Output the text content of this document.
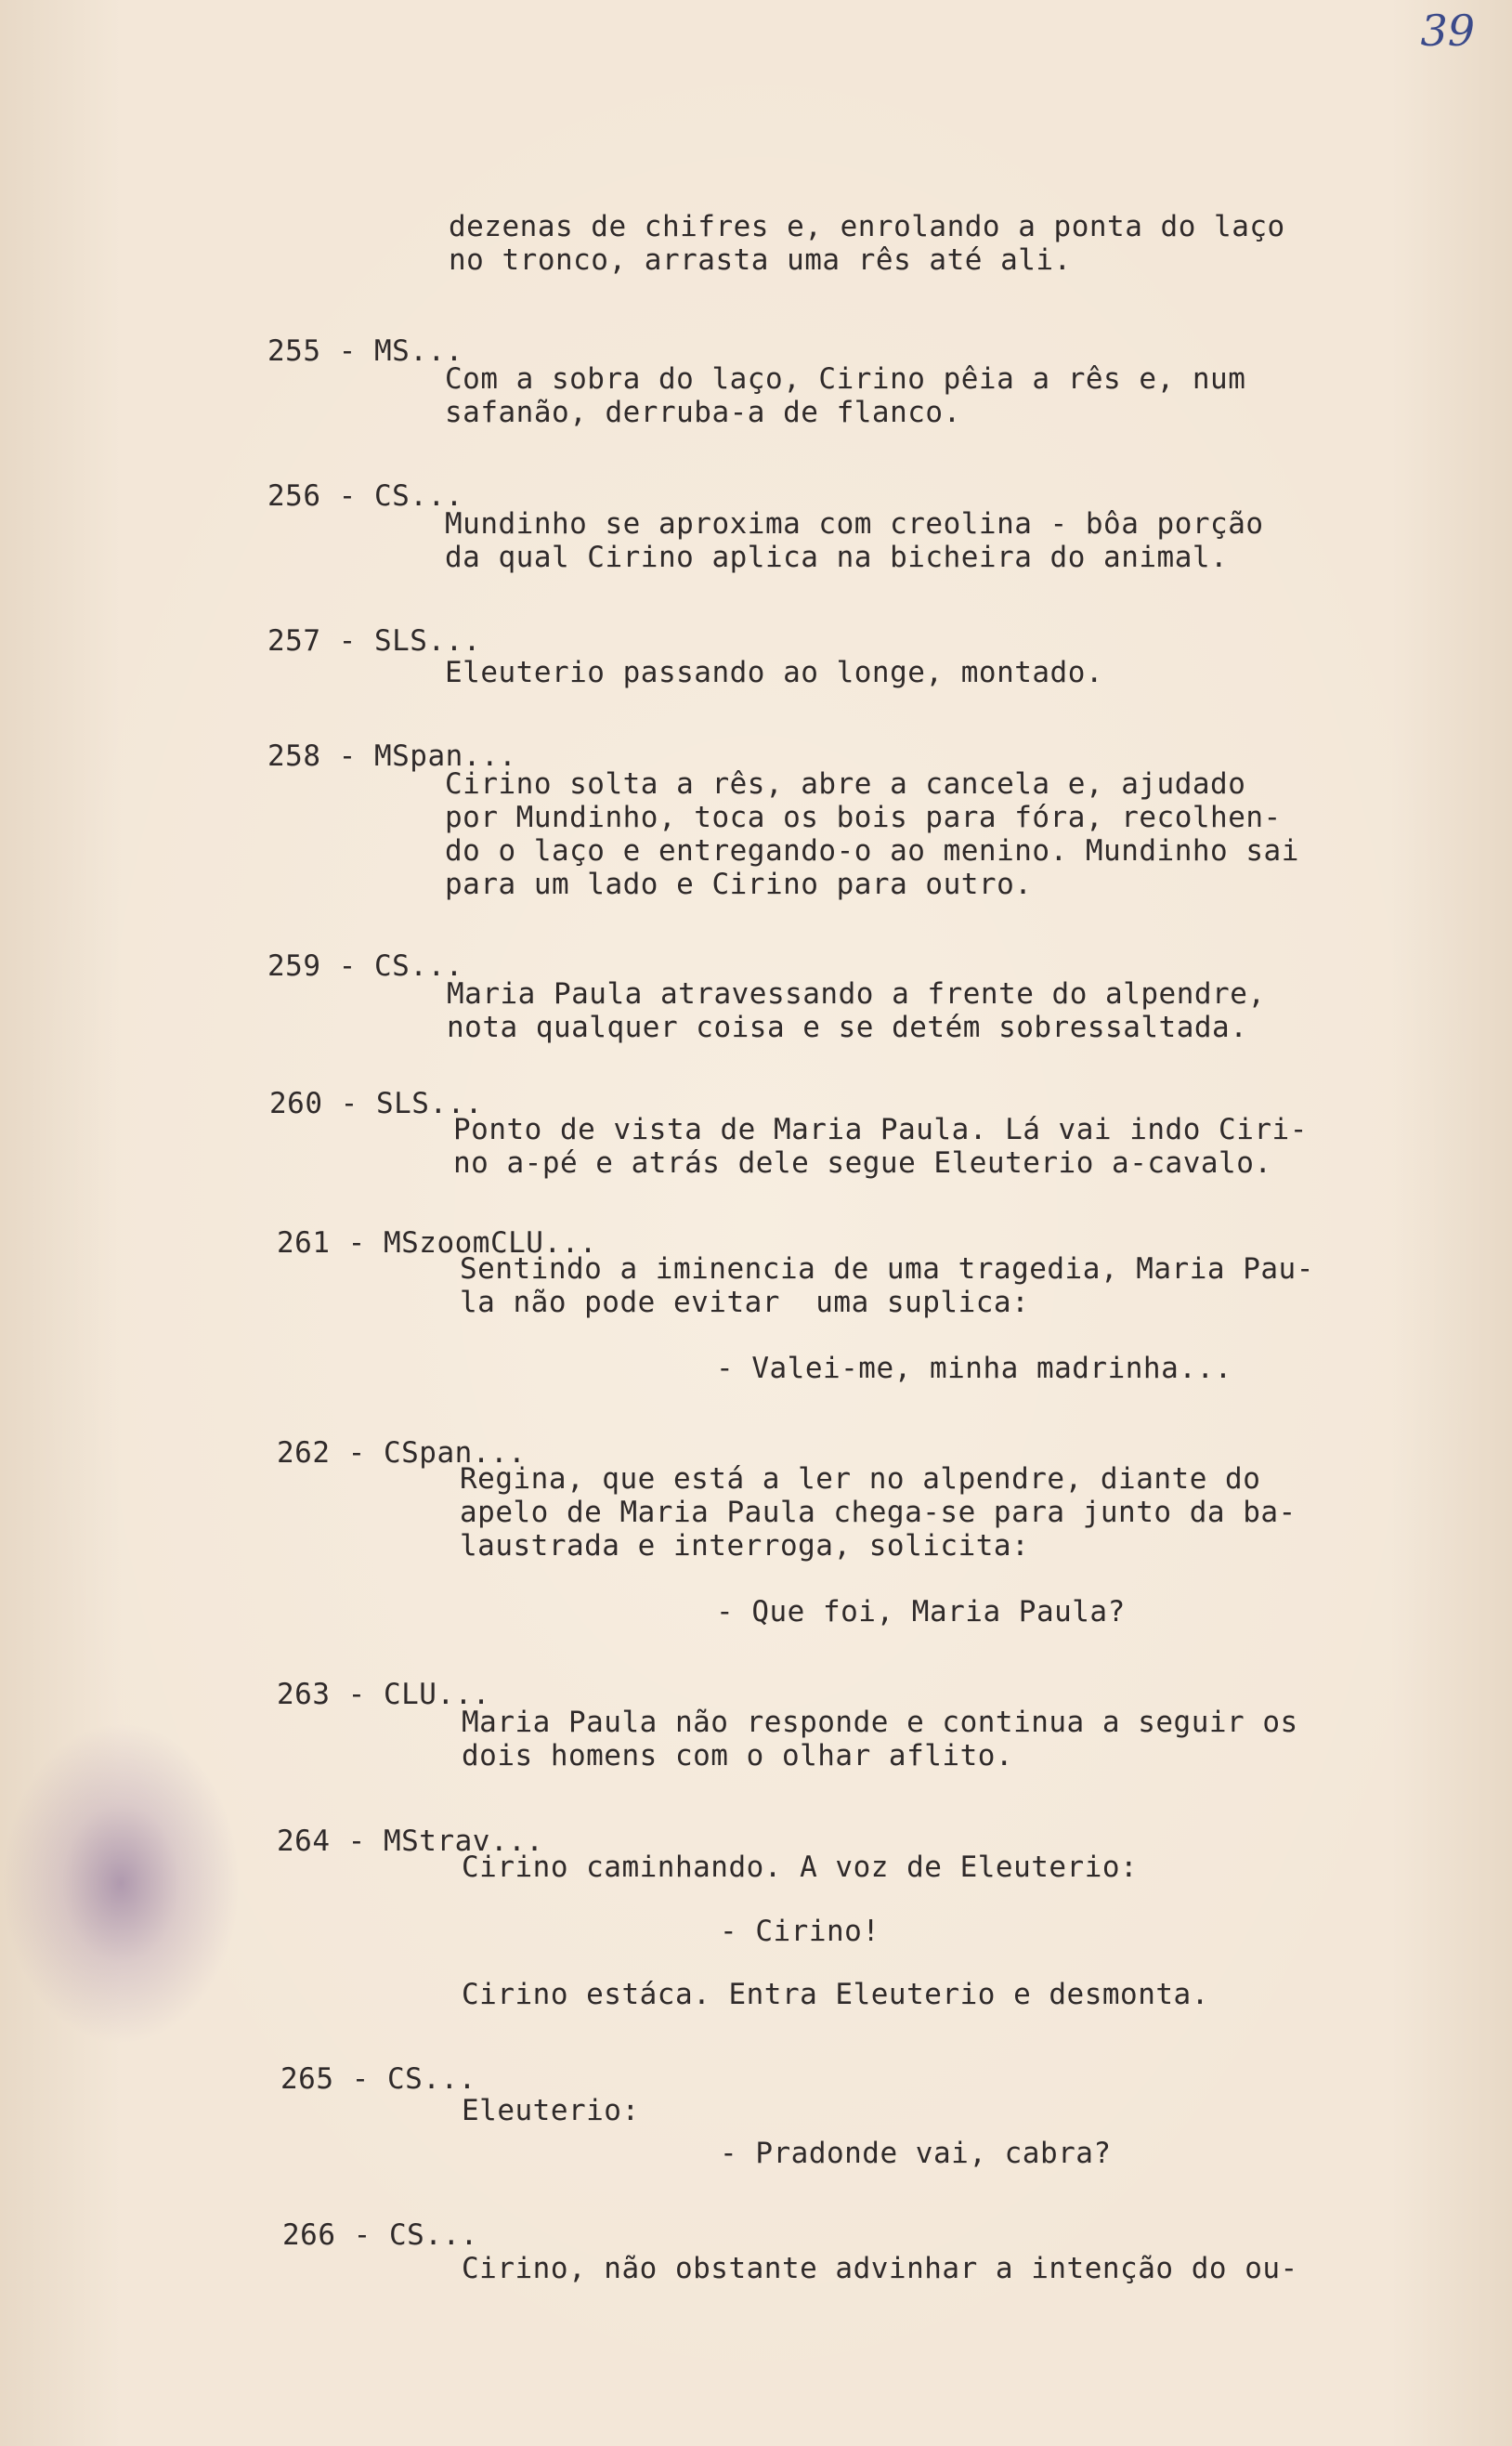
39
dezenas de chifres e, enrolando a ponta do laço
no tronco, arrasta uma rês até ali.
255 - MS...
Com a sobra do laço, Cirino pêia a rês e, num
safanão, derruba-a de flanco.
256 - CS...
Mundinho se aproxima com creolina - bôa porção
da qual Cirino aplica na bicheira do animal.
257 - SLS...
Eleuterio passando ao longe, montado.
258 - MSpan...
Cirino solta a rês, abre a cancela e, ajudado
por Mundinho, toca os bois para fóra, recolhen-
do o laço e entregando-o ao menino. Mundinho sai
para um lado e Cirino para outro.
259 - CS...
Maria Paula atravessando a frente do alpendre,
nota qualquer coisa e se detém sobressaltada.
260 - SLS...
Ponto de vista de Maria Paula. Lá vai indo Ciri-
no a-pé e atrás dele segue Eleuterio a-cavalo.
261 - MSzoomCLU...
Sentindo a iminencia de uma tragedia, Maria Pau-
la não pode evitar  uma suplica:
- Valei-me, minha madrinha...
262 - CSpan...
Regina, que está a ler no alpendre, diante do
apelo de Maria Paula chega-se para junto da ba-
laustrada e interroga, solicita:
- Que foi, Maria Paula?
263 - CLU...
Maria Paula não responde e continua a seguir os
dois homens com o olhar aflito.
264 - MStrav...
Cirino caminhando. A voz de Eleuterio:
- Cirino!
Cirino estáca. Entra Eleuterio e desmonta.
265 - CS...
Eleuterio:
- Pradonde vai, cabra?
266 - CS...
Cirino, não obstante advinhar a intenção do ou-
